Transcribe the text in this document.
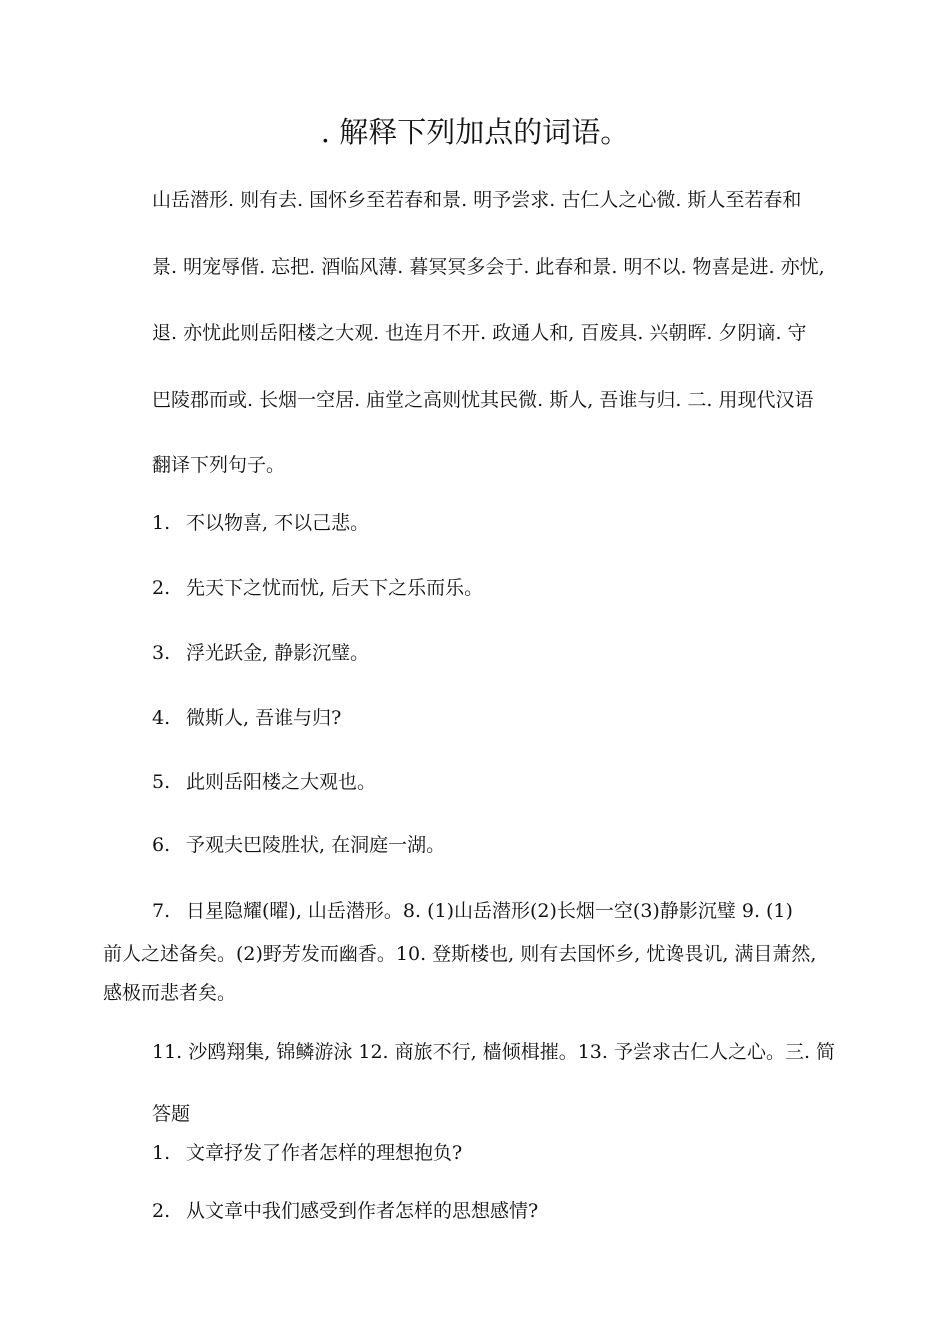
. 解释下列加点的词语。
山岳潜形. 则有去. 国怀乡至若春和景. 明予尝求. 古仁人之心微. 斯人至若春和
景. 明宠辱偕. 忘把. 酒临风薄. 暮冥冥多会于. 此春和景. 明不以. 物喜是进. 亦忧,
退. 亦忧此则岳阳楼之大观. 也连月不开. 政通人和, 百废具. 兴朝晖. 夕阴谪. 守
巴陵郡而或. 长烟一空居. 庙堂之高则忧其民微. 斯人, 吾谁与归. 二. 用现代汉语
翻译下列句子。
1. 不以物喜, 不以己悲。
2. 先天下之忧而忧, 后天下之乐而乐。
3. 浮光跃金, 静影沉璧。
4. 微斯人, 吾谁与归?
5. 此则岳阳楼之大观也。
6. 予观夫巴陵胜状, 在洞庭一湖。
7. 日星隐耀(曜), 山岳潜形。8. (1)山岳潜形(2)长烟一空(3)静影沉璧 9. (1)
前人之述备矣。(2)野芳发而幽香。10. 登斯楼也, 则有去国怀乡, 忧谗畏讥, 满目萧然,
感极而悲者矣。
11. 沙鸥翔集, 锦鳞游泳 12. 商旅不行, 樯倾楫摧。13. 予尝求古仁人之心。三. 简
答题
1. 文章抒发了作者怎样的理想抱负?
2. 从文章中我们感受到作者怎样的思想感情?
